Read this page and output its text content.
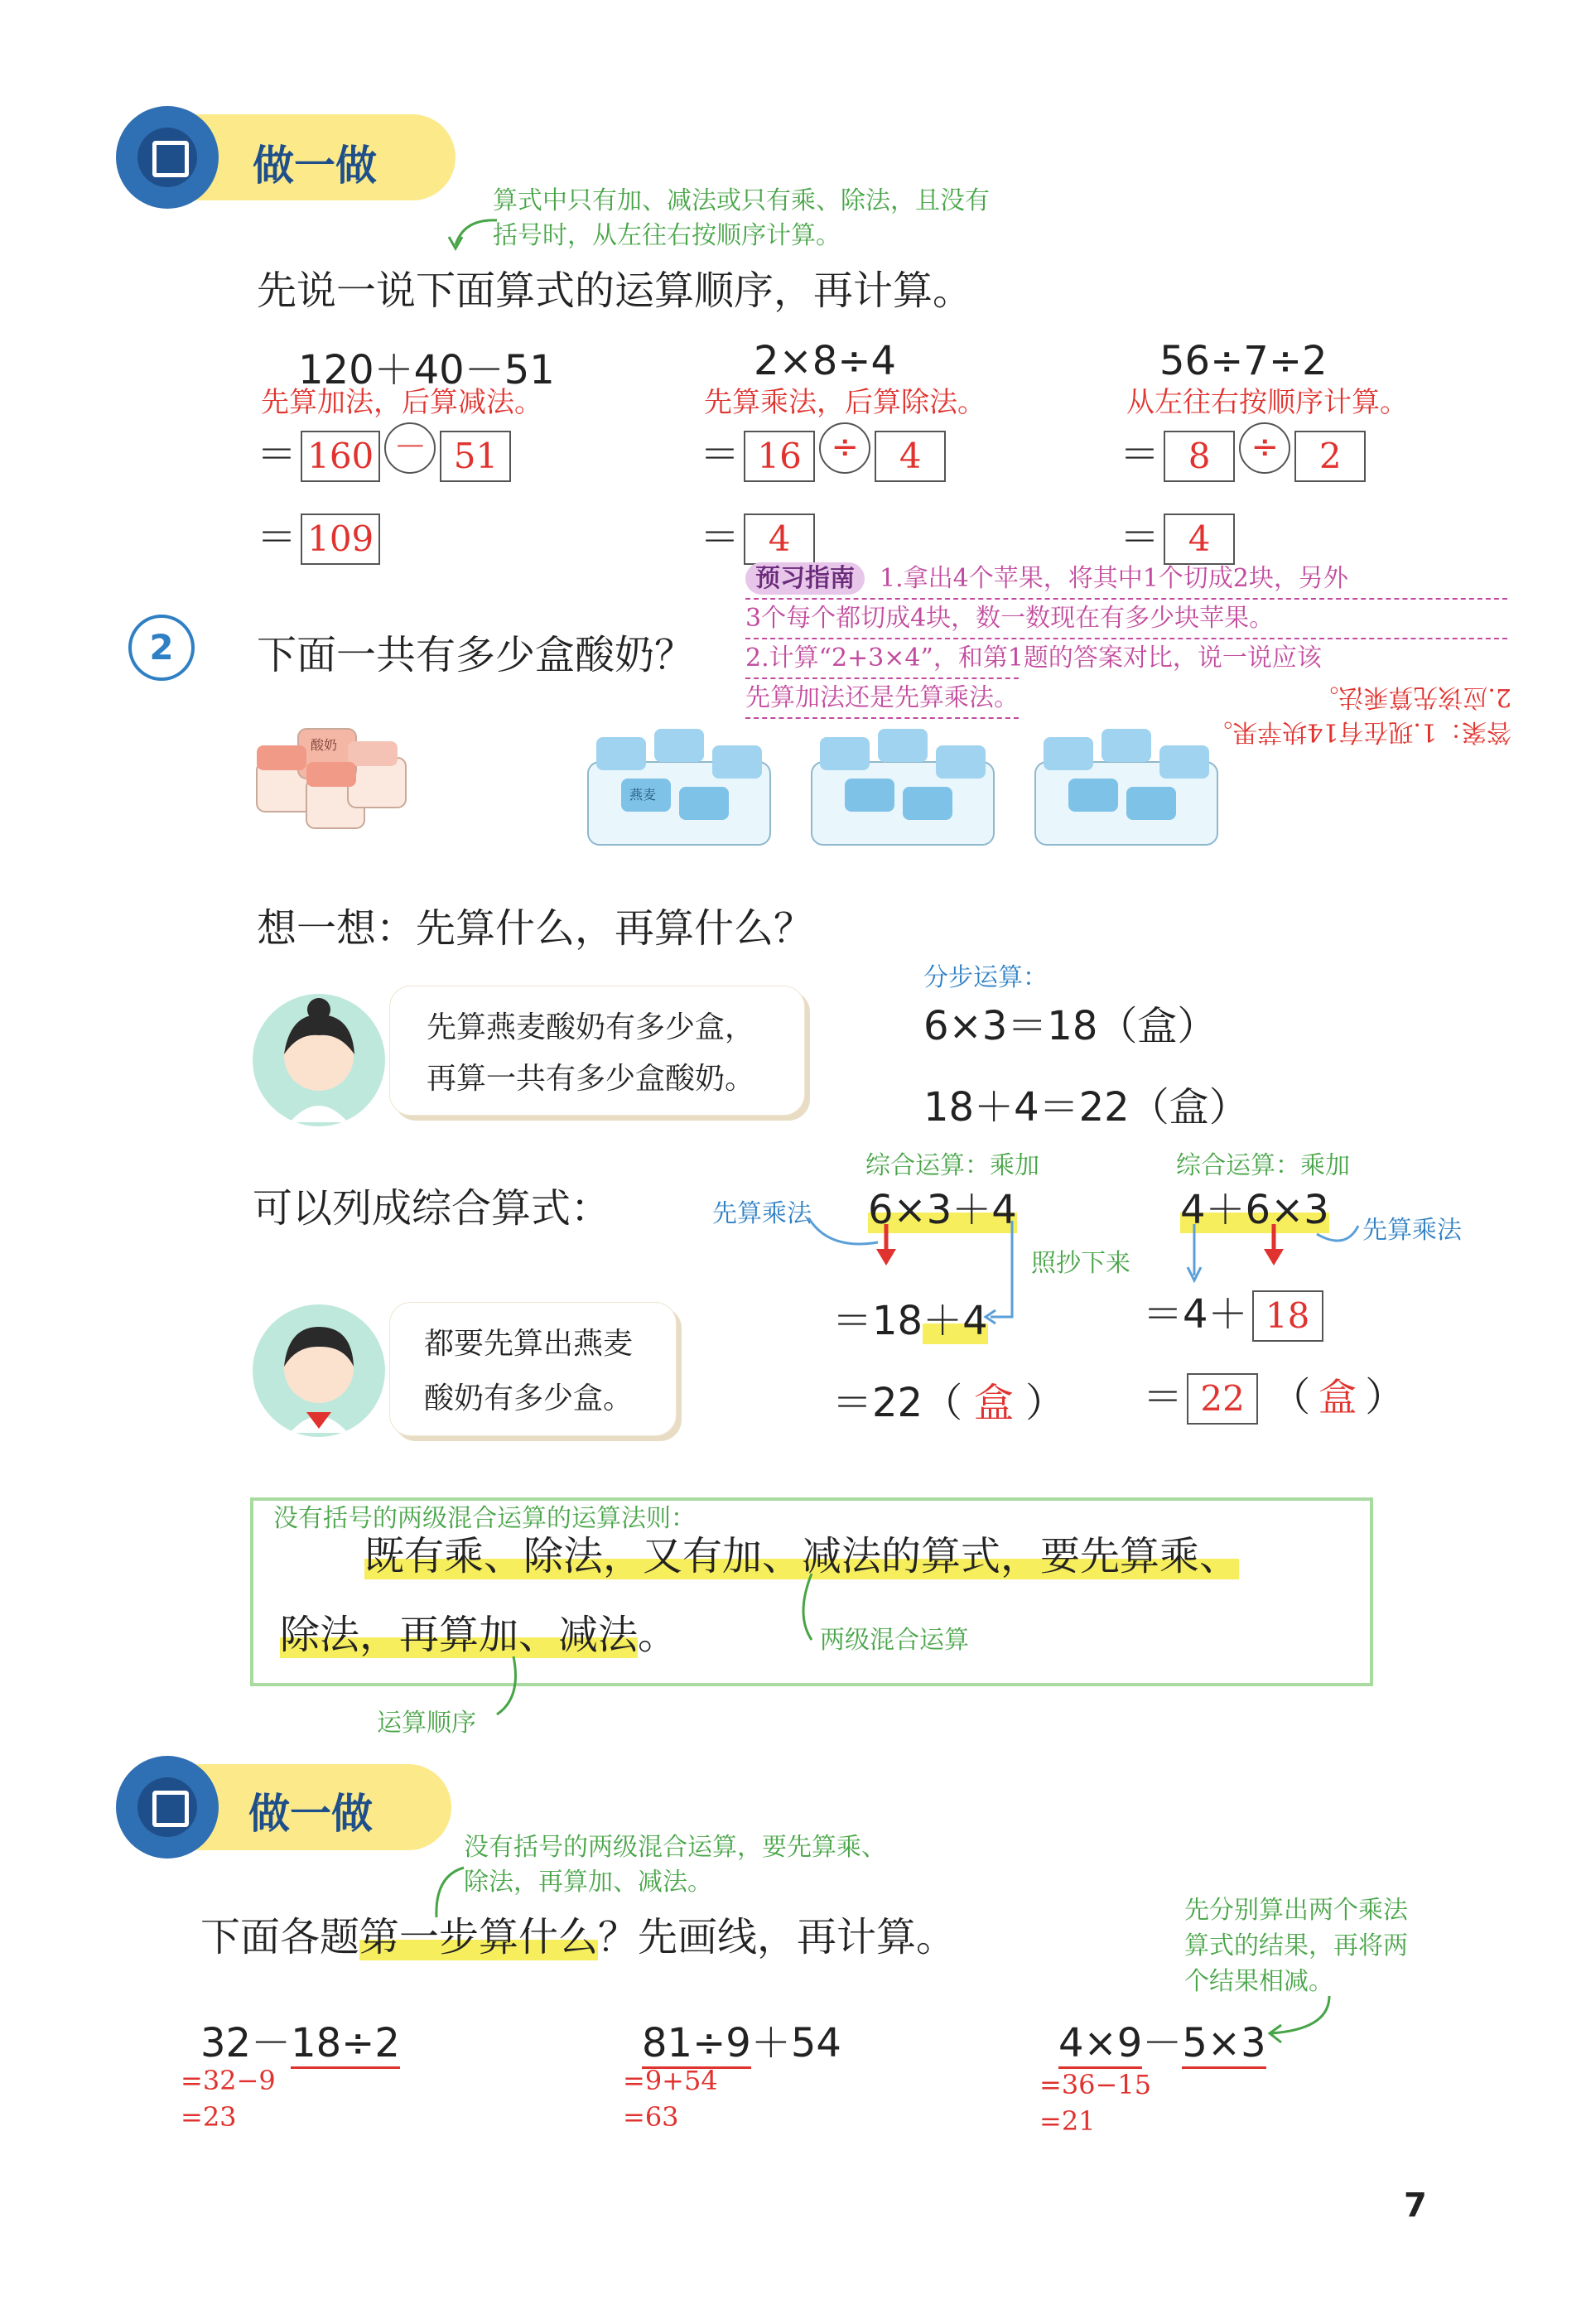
做一做
算式中只有加、减法或只有乘、除法，且没有
括号时，从左往右按顺序计算。
先说一说下面算式的运算顺序，再计算。
120＋40－51
先算加法，后算减法。
＝ 160 － 51
＝ 109
2×8÷4
先算乘法，后算除法。
＝ 16 ÷ 4
＝ 4
56÷7÷2
从左往右按顺序计算。
＝ 8 ÷ 2
＝ 4
预习指南 1.拿出4个苹果，将其中1个切成2块，另外
3个每个都切成4块，数一数现在有多少块苹果。
2.计算“2+3×4”，和第1题的答案对比，说一说应该
先算加法还是先算乘法。
答案：1.现在有14块苹果。
2.应该先算乘法。
2	下面一共有多少盒酸奶？
酸奶
燕麦
想一想：先算什么，再算什么？
先算燕麦酸奶有多少盒，
再算一共有多少盒酸奶。
分步运算：
6×3＝18（盒）
18＋4＝22（盒）
综合运算：乘加	综合运算：乘加
可以列成综合算式：	先算乘法 6×3＋4
照抄下来
＝18＋4
＝22（ 盒 ）
4＋6×3 先算乘法
＝4＋ 18
＝ 22 （ 盒 ）
都要先算出燕麦
酸奶有多少盒。
没有括号的两级混合运算的运算法则：
既有乘、除法，又有加、减法的算式，要先算乘、
除法，再算加、减法。	两级混合运算
运算顺序
做一做
没有括号的两级混合运算，要先算乘、
除法，再算加、减法。
下面各题第一步算什么？先画线，再计算。
先分别算出两个乘法
算式的结果，再将两
个结果相减。
32－18÷2
=32−9
=23
81÷9＋54
=9+54
=63
4×9－5×3
=36−15
=21
7
